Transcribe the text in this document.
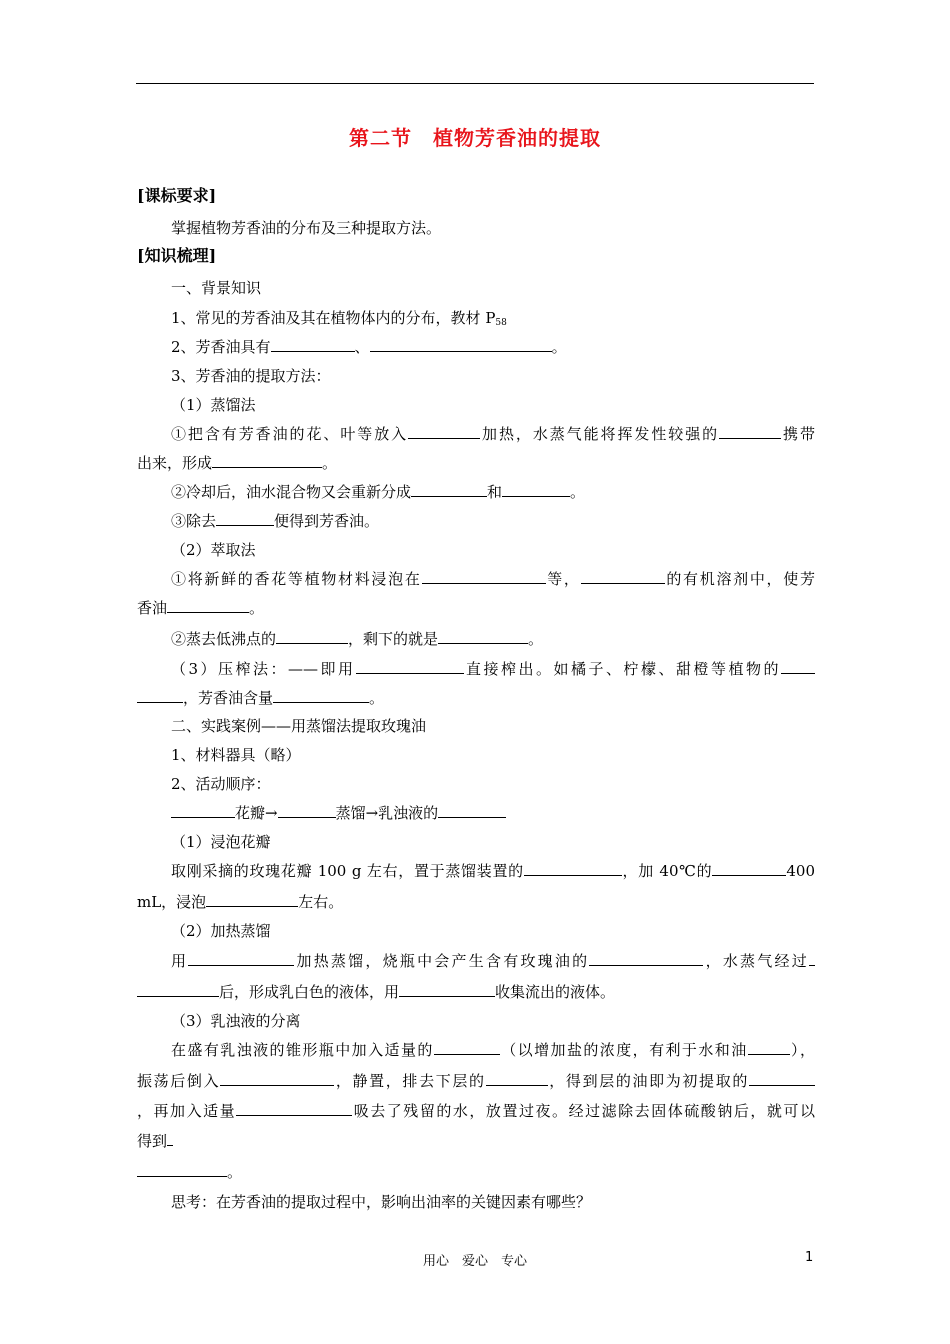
第二节　植物芳香油的提取
[课标要求]
掌握植物芳香油的分布及三种提取方法。
[知识梳理]
一、背景知识
1、常见的芳香油及其在植物体内的分布，教材 $P_{58}$
2、芳香油具有	、	。
3、芳香油的提取方法：
（1）蒸馏法
①把含有芳香油的花、叶等放入	加热，水蒸气能将挥发性较强的	携带
出来，形成	。
②冷却后，油水混合物又会重新分成	和	。
③除去	便得到芳香油。
（2）萃取法
①将新鲜的香花等植物材料浸泡在	等，	的有机溶剂中，使芳
香油	。
②蒸去低沸点的	，剩下的就是	。
（3）压榨法：——即用	直接榨出。如橘子、柠檬、甜橙等植物的
，芳香油含量	。
二、实践案例——用蒸馏法提取玫瑰油
1、材料器具（略）
2、活动顺序：
花瓣→	蒸馏→乳浊液的
（1）浸泡花瓣
取刚采摘的玫瑰花瓣 100 g 左右，置于蒸馏装置的	，加 40℃的	400
mL，浸泡	左右。
（2）加热蒸馏
用	加热蒸馏，烧瓶中会产生含有玫瑰油的	，水蒸气经过
后，形成乳白色的液体，用	收集流出的液体。
（3）乳浊液的分离
在盛有乳浊液的锥形瓶中加入适量的	（以增加盐的浓度，有利于水和油	），
振荡后倒入	，静置，排去下层的	，得到层的油即为初提取的
，再加入适量	吸去了残留的水，放置过夜。经过滤除去固体硫酸钠后，就可以
得到
。
思考：在芳香油的提取过程中，影响出油率的关键因素有哪些？
用心　爱心　专心	1
